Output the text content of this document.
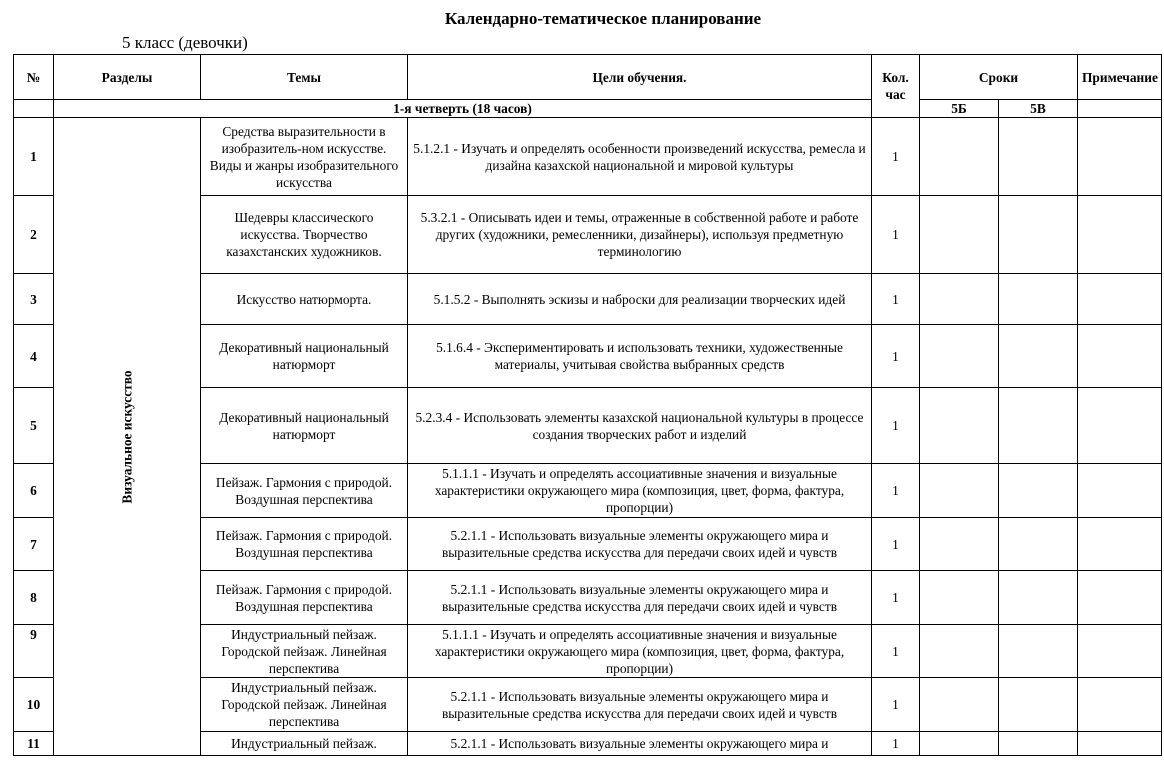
Календарно-тематическое планирование
5 класс (девочки)
№	Разделы	Темы	Цели обучения.	Кол. час	Сроки		Примечание
	1-я четверть (18 часов)				5Б	5В	
1	Визуальное искусство	Средства выразительности в изобразитель-ном искусстве. Виды и жанры изобразительного искусства	5.1.2.1 - Изучать и определять особенности произведений искусства, ремесла и дизайна казахской национальной и мировой культуры	1			
2		Шедевры классического искусства. Творчество казахстанских художников.	5.3.2.1 - Описывать идеи и темы, отраженные в собственной работе и работе других (художники, ремесленники, дизайнеры), используя предметную терминологию	1			
3		Искусство натюрморта.	5.1.5.2 - Выполнять эскизы и наброски для реализации творческих идей	1			
4		Декоративный национальный натюрморт	5.1.6.4 - Экспериментировать и использовать техники, художественные материалы, учитывая свойства выбранных средств	1			
5		Декоративный национальный натюрморт	5.2.3.4 - Использовать элементы казахской национальной культуры в процессе создания творческих работ и изделий	1			
6		Пейзаж. Гармония с природой. Воздушная перспектива	5.1.1.1 - Изучать и определять ассоциативные значения и визуальные характеристики окружающего мира (композиция, цвет, форма, фактура, пропорции)	1			
7		Пейзаж. Гармония с природой. Воздушная перспектива	5.2.1.1 - Использовать визуальные элементы окружающего мира и выразительные средства искусства для передачи своих идей и чувств	1			
8		Пейзаж. Гармония с природой. Воздушная перспектива	5.2.1.1 - Использовать визуальные элементы окружающего мира и выразительные средства искусства для передачи своих идей и чувств	1			
9		Индустриальный пейзаж. Городской пейзаж. Линейная перспектива	5.1.1.1 - Изучать и определять ассоциативные значения и визуальные характеристики окружающего мира (композиция, цвет, форма, фактура, пропорции)	1			
10		Индустриальный пейзаж. Городской пейзаж. Линейная перспектива	5.2.1.1 - Использовать визуальные элементы окружающего мира и выразительные средства искусства для передачи своих идей и чувств	1			
11		Индустриальный пейзаж.	5.2.1.1 - Использовать визуальные элементы окружающего мира и	1			
